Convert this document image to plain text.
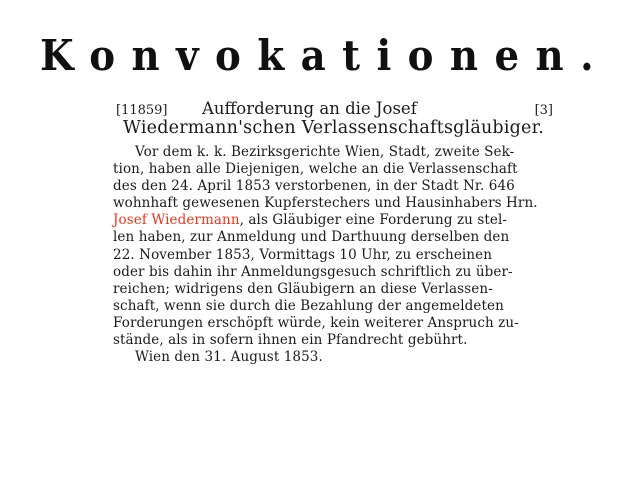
Konvokationen.
[11859] Aufforderung an die Josef	[3]
Wiedermann'schen Verlassenschaftsgläubiger.
Vor dem k. k. Bezirksgerichte Wien, Stadt, zweite Sek-
tion, haben alle Diejenigen, welche an die Verlassenschaft
des den 24. April 1853 verstorbenen, in der Stadt Nr. 646
wohnhaft gewesenen Kupferstechers und Hausinhabers Hrn.
Josef Wiedermann, als Gläubiger eine Forderung zu stel-
len haben, zur Anmeldung und Darthuung derselben den
22. November 1853, Vormittags 10 Uhr, zu erscheinen
oder bis dahin ihr Anmeldungsgesuch schriftlich zu über-
reichen; widrigens den Gläubigern an diese Verlassen-
schaft, wenn sie durch die Bezahlung der angemeldeten
Forderungen erschöpft würde, kein weiterer Anspruch zu-
stände, als in sofern ihnen ein Pfandrecht gebührt.
Wien den 31. August 1853.
